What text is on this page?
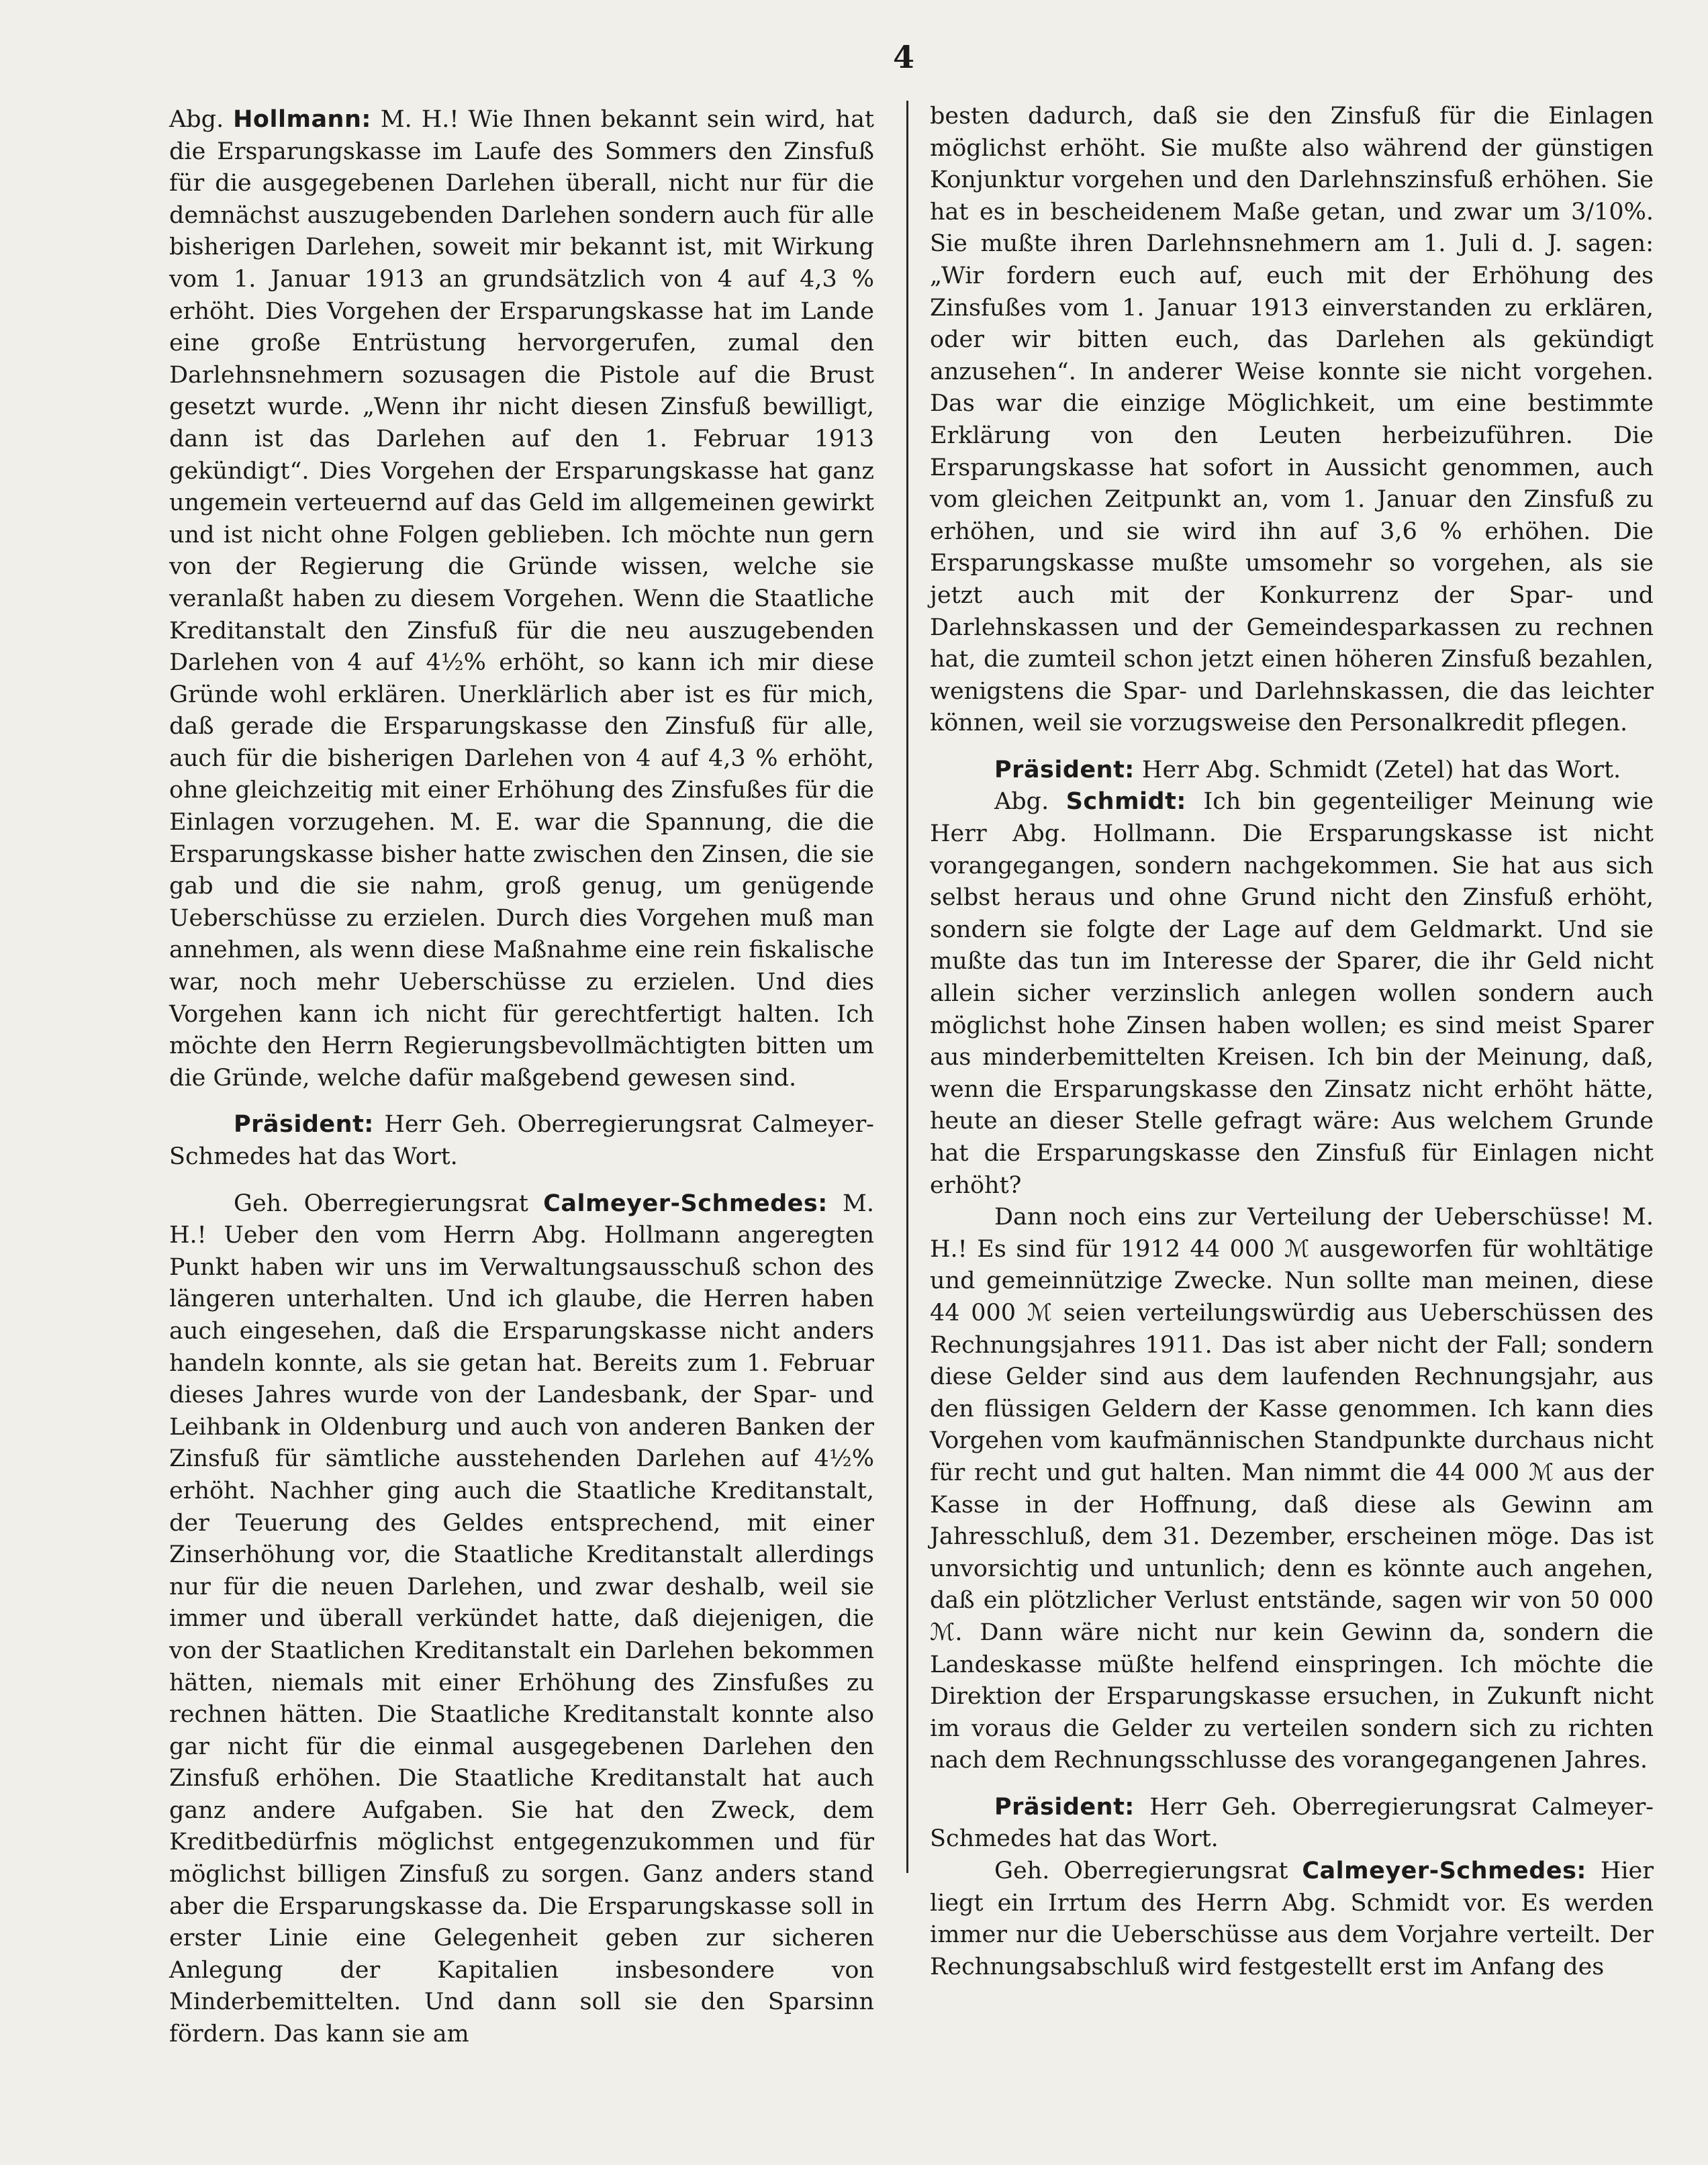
4

Abg. Hollmann: M. H.! Wie Ihnen bekannt sein wird, hat die Ersparungskasse im Laufe des Sommers den Zinsfuß für die ausgegebenen Darlehen überall, nicht nur für die demnächst auszugebenden Darlehen sondern auch für alle bisherigen Darlehen, soweit mir bekannt ist, mit Wirkung vom 1. Januar 1913 an grundsätzlich von 4 auf 4,3 % erhöht. Dies Vorgehen der Ersparungskasse hat im Lande eine große Entrüstung hervorgerufen, zumal den Darlehnsnehmern sozusagen die Pistole auf die Brust gesetzt wurde. „Wenn ihr nicht diesen Zinsfuß bewilligt, dann ist das Darlehen auf den 1. Februar 1913 gekündigt“. Dies Vorgehen der Ersparungskasse hat ganz ungemein verteuernd auf das Geld im allgemeinen gewirkt und ist nicht ohne Folgen geblieben. Ich möchte nun gern von der Regierung die Gründe wissen, welche sie veranlaßt haben zu diesem Vorgehen. Wenn die Staatliche Kreditanstalt den Zinsfuß für die neu auszugebenden Darlehen von 4 auf 4½% erhöht, so kann ich mir diese Gründe wohl erklären. Unerklärlich aber ist es für mich, daß gerade die Ersparungskasse den Zinsfuß für alle, auch für die bisherigen Darlehen von 4 auf 4,3 % erhöht, ohne gleichzeitig mit einer Erhöhung des Zinsfußes für die Einlagen vorzugehen. M. E. war die Spannung, die die Ersparungskasse bisher hatte zwischen den Zinsen, die sie gab und die sie nahm, groß genug, um genügende Ueberschüsse zu erzielen. Durch dies Vorgehen muß man annehmen, als wenn diese Maßnahme eine rein fiskalische war, noch mehr Ueberschüsse zu erzielen. Und dies Vorgehen kann ich nicht für gerechtfertigt halten. Ich möchte den Herrn Regierungsbevollmächtigten bitten um die Gründe, welche dafür maßgebend gewesen sind.

Präsident: Herr Geh. Oberregierungsrat Calmeyer-Schmedes hat das Wort.

Geh. Oberregierungsrat Calmeyer-Schmedes: M. H.! Ueber den vom Herrn Abg. Hollmann angeregten Punkt haben wir uns im Verwaltungsausschuß schon des längeren unterhalten. Und ich glaube, die Herren haben auch eingesehen, daß die Ersparungskasse nicht anders handeln konnte, als sie getan hat. Bereits zum 1. Februar dieses Jahres wurde von der Landesbank, der Spar- und Leihbank in Oldenburg und auch von anderen Banken der Zinsfuß für sämtliche ausstehenden Darlehen auf 4½% erhöht. Nachher ging auch die Staatliche Kreditanstalt, der Teuerung des Geldes entsprechend, mit einer Zinserhöhung vor, die Staatliche Kreditanstalt allerdings nur für die neuen Darlehen, und zwar deshalb, weil sie immer und überall verkündet hatte, daß diejenigen, die von der Staatlichen Kreditanstalt ein Darlehen bekommen hätten, niemals mit einer Erhöhung des Zinsfußes zu rechnen hätten. Die Staatliche Kreditanstalt konnte also gar nicht für die einmal ausgegebenen Darlehen den Zinsfuß erhöhen. Die Staatliche Kreditanstalt hat auch ganz andere Aufgaben. Sie hat den Zweck, dem Kreditbedürfnis möglichst entgegenzukommen und für möglichst billigen Zinsfuß zu sorgen. Ganz anders stand aber die Ersparungskasse da. Die Ersparungskasse soll in erster Linie eine Gelegenheit geben zur sicheren Anlegung der Kapitalien insbesondere von Minderbemittelten. Und dann soll sie den Sparsinn fördern. Das kann sie am

besten dadurch, daß sie den Zinsfuß für die Einlagen möglichst erhöht. Sie mußte also während der günstigen Konjunktur vorgehen und den Darlehnszinsfuß erhöhen. Sie hat es in bescheidenem Maße getan, und zwar um 3/10%. Sie mußte ihren Darlehnsnehmern am 1. Juli d. J. sagen: „Wir fordern euch auf, euch mit der Erhöhung des Zinsfußes vom 1. Januar 1913 einverstanden zu erklären, oder wir bitten euch, das Darlehen als gekündigt anzusehen“. In anderer Weise konnte sie nicht vorgehen. Das war die einzige Möglichkeit, um eine bestimmte Erklärung von den Leuten herbeizuführen. Die Ersparungskasse hat sofort in Aussicht genommen, auch vom gleichen Zeitpunkt an, vom 1. Januar den Zinsfuß zu erhöhen, und sie wird ihn auf 3,6 % erhöhen. Die Ersparungskasse mußte umsomehr so vorgehen, als sie jetzt auch mit der Konkurrenz der Spar- und Darlehnskassen und der Gemeindesparkassen zu rechnen hat, die zumteil schon jetzt einen höheren Zinsfuß bezahlen, wenigstens die Spar- und Darlehnskassen, die das leichter können, weil sie vorzugsweise den Personalkredit pflegen.

Präsident: Herr Abg. Schmidt (Zetel) hat das Wort.

Abg. Schmidt: Ich bin gegenteiliger Meinung wie Herr Abg. Hollmann. Die Ersparungskasse ist nicht vorangegangen, sondern nachgekommen. Sie hat aus sich selbst heraus und ohne Grund nicht den Zinsfuß erhöht, sondern sie folgte der Lage auf dem Geldmarkt. Und sie mußte das tun im Interesse der Sparer, die ihr Geld nicht allein sicher verzinslich anlegen wollen sondern auch möglichst hohe Zinsen haben wollen; es sind meist Sparer aus minderbemittelten Kreisen. Ich bin der Meinung, daß, wenn die Ersparungskasse den Zinsatz nicht erhöht hätte, heute an dieser Stelle gefragt wäre: Aus welchem Grunde hat die Ersparungskasse den Zinsfuß für Einlagen nicht erhöht?

Dann noch eins zur Verteilung der Ueberschüsse! M. H.! Es sind für 1912 44 000 ℳ ausgeworfen für wohltätige und gemeinnützige Zwecke. Nun sollte man meinen, diese 44 000 ℳ seien verteilungswürdig aus Ueberschüssen des Rechnungsjahres 1911. Das ist aber nicht der Fall; sondern diese Gelder sind aus dem laufenden Rechnungsjahr, aus den flüssigen Geldern der Kasse genommen. Ich kann dies Vorgehen vom kaufmännischen Standpunkte durchaus nicht für recht und gut halten. Man nimmt die 44 000 ℳ aus der Kasse in der Hoffnung, daß diese als Gewinn am Jahresschluß, dem 31. Dezember, erscheinen möge. Das ist unvorsichtig und untunlich; denn es könnte auch angehen, daß ein plötzlicher Verlust entstände, sagen wir von 50 000 ℳ. Dann wäre nicht nur kein Gewinn da, sondern die Landeskasse müßte helfend einspringen. Ich möchte die Direktion der Ersparungskasse ersuchen, in Zukunft nicht im voraus die Gelder zu verteilen sondern sich zu richten nach dem Rechnungsschlusse des vorangegangenen Jahres.

Präsident: Herr Geh. Oberregierungsrat Calmeyer-Schmedes hat das Wort.

Geh. Oberregierungsrat Calmeyer-Schmedes: Hier liegt ein Irrtum des Herrn Abg. Schmidt vor. Es werden immer nur die Ueberschüsse aus dem Vorjahre verteilt. Der Rechnungsabschluß wird festgestellt erst im Anfang des
